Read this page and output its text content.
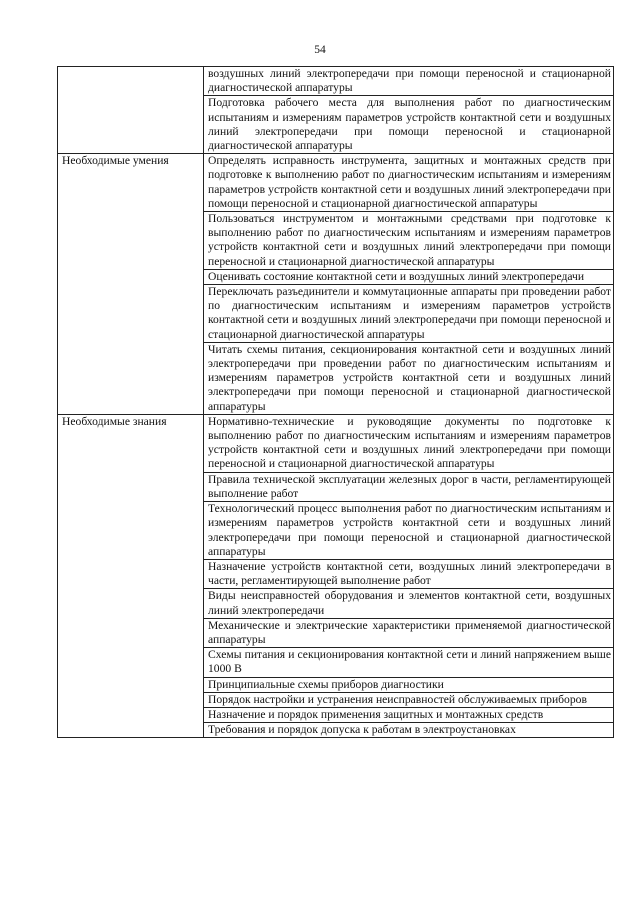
54
	воздушных линий электропередачи при помощи переносной и стационарной диагностической аппаратуры
	Подготовка рабочего места для выполнения работ по диагностическим испытаниям и измерениям параметров устройств контактной сети и воздушных линий электропередачи при помощи переносной и стационарной диагностической аппаратуры
Необходимые умения	Определять исправность инструмента, защитных и монтажных средств при подготовке к выполнению работ по диагностическим испытаниям и измерениям параметров устройств контактной сети и воздушных линий электропередачи при помощи переносной и стационарной диагностической аппаратуры
	Пользоваться инструментом и монтажными средствами при подготовке к выполнению работ по диагностическим испытаниям и измерениям параметров устройств контактной сети и воздушных линий электропередачи при помощи переносной и стационарной диагностической аппаратуры
	Оценивать состояние контактной сети и воздушных линий электропередачи
	Переключать разъединители и коммутационные аппараты при проведении работ по диагностическим испытаниям и измерениям параметров устройств контактной сети и воздушных линий электропередачи при помощи переносной и стационарной диагностической аппаратуры
	Читать схемы питания, секционирования контактной сети и воздушных линий электропередачи при проведении работ по диагностическим испытаниям и измерениям параметров устройств контактной сети и воздушных линий электропередачи при помощи переносной и стационарной диагностической аппаратуры
Необходимые знания	Нормативно-технические и руководящие документы по подготовке к выполнению работ по диагностическим испытаниям и измерениям параметров устройств контактной сети и воздушных линий электропередачи при помощи переносной и стационарной диагностической аппаратуры
	Правила технической эксплуатации железных дорог в части, регламентирующей выполнение работ
	Технологический процесс выполнения работ по диагностическим испытаниям и измерениям параметров устройств контактной сети и воздушных линий электропередачи при помощи переносной и стационарной диагностической аппаратуры
	Назначение устройств контактной сети, воздушных линий электропередачи в части, регламентирующей выполнение работ
	Виды неисправностей оборудования и элементов контактной сети, воздушных линий электропередачи
	Механические и электрические характеристики применяемой диагностической аппаратуры
	Схемы питания и секционирования контактной сети и линий напряжением выше 1000 В
	Принципиальные схемы приборов диагностики
	Порядок настройки и устранения неисправностей обслуживаемых приборов
	Назначение и порядок применения защитных и монтажных средств
	Требования и порядок допуска к работам в электроустановках
